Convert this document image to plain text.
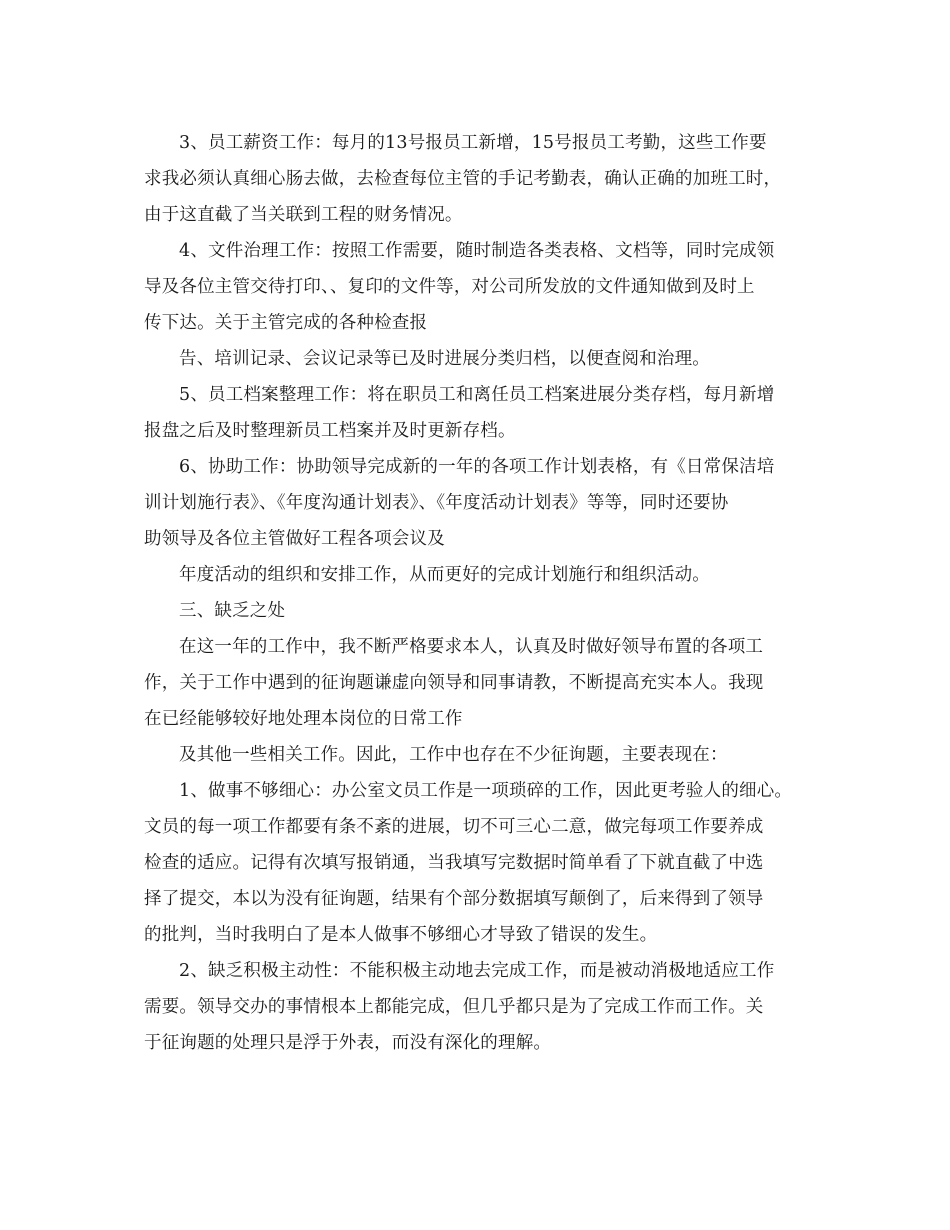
3、员工薪资工作：每月的13号报员工新增，15号报员工考勤，这些工作要
求我必须认真细心肠去做，去检查每位主管的手记考勤表，确认正确的加班工时，
由于这直截了当关联到工程的财务情况。
4、文件治理工作：按照工作需要，随时制造各类表格、文档等，同时完成领
导及各位主管交待打印、、复印的文件等，对公司所发放的文件通知做到及时上
传下达。关于主管完成的各种检查报
告、培训记录、会议记录等已及时进展分类归档，以便查阅和治理。
5、员工档案整理工作：将在职员工和离任员工档案进展分类存档，每月新增
报盘之后及时整理新员工档案并及时更新存档。
6、协助工作：协助领导完成新的一年的各项工作计划表格，有《日常保洁培
训计划施行表》、《年度沟通计划表》、《年度活动计划表》等等，同时还要协
助领导及各位主管做好工程各项会议及
年度活动的组织和安排工作，从而更好的完成计划施行和组织活动。
三、缺乏之处
在这一年的工作中，我不断严格要求本人，认真及时做好领导布置的各项工
作，关于工作中遇到的征询题谦虚向领导和同事请教，不断提高充实本人。我现
在已经能够较好地处理本岗位的日常工作
及其他一些相关工作。因此，工作中也存在不少征询题，主要表现在：
1、做事不够细心：办公室文员工作是一项琐碎的工作，因此更考验人的细心。
文员的每一项工作都要有条不紊的进展，切不可三心二意，做完每项工作要养成
检查的适应。记得有次填写报销通，当我填写完数据时简单看了下就直截了中选
择了提交，本以为没有征询题，结果有个部分数据填写颠倒了，后来得到了领导
的批判，当时我明白了是本人做事不够细心才导致了错误的发生。
2、缺乏积极主动性：不能积极主动地去完成工作，而是被动消极地适应工作
需要。领导交办的事情根本上都能完成，但几乎都只是为了完成工作而工作。关
于征询题的处理只是浮于外表，而没有深化的理解。
